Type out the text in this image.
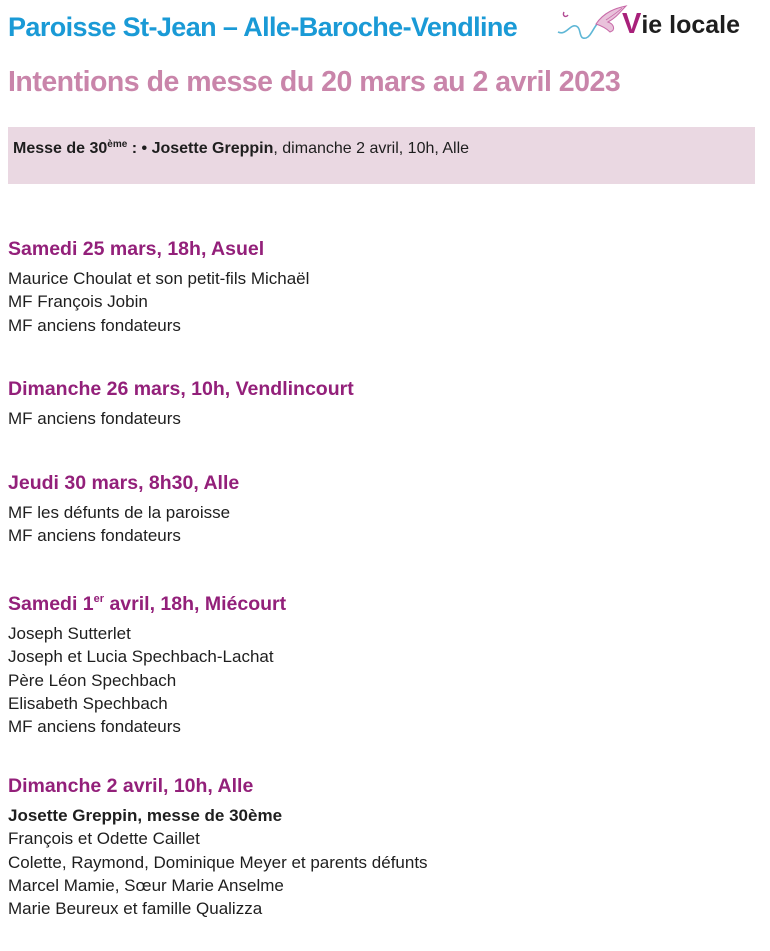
Paroisse St-Jean – Alle-Baroche-Vendline	Vie locale
Intentions de messe du 20 mars au 2 avril 2023
Messe de 30ème : • Josette Greppin, dimanche 2 avril, 10h, Alle
Samedi 25 mars, 18h, Asuel
Maurice Choulat et son petit-fils Michaël
MF François Jobin
MF anciens fondateurs
Dimanche 26 mars, 10h, Vendlincourt
MF anciens fondateurs
Jeudi 30 mars, 8h30, Alle
MF les défunts de la paroisse
MF anciens fondateurs
Samedi 1er avril, 18h, Miécourt
Joseph Sutterlet
Joseph et Lucia Spechbach-Lachat
Père Léon Spechbach
Elisabeth Spechbach
MF anciens fondateurs
Dimanche 2 avril, 10h, Alle
Josette Greppin, messe de 30ème
François et Odette Caillet
Colette, Raymond, Dominique Meyer et parents défunts
Marcel Mamie, Sœur Marie Anselme
Marie Beureux et famille Qualizza
